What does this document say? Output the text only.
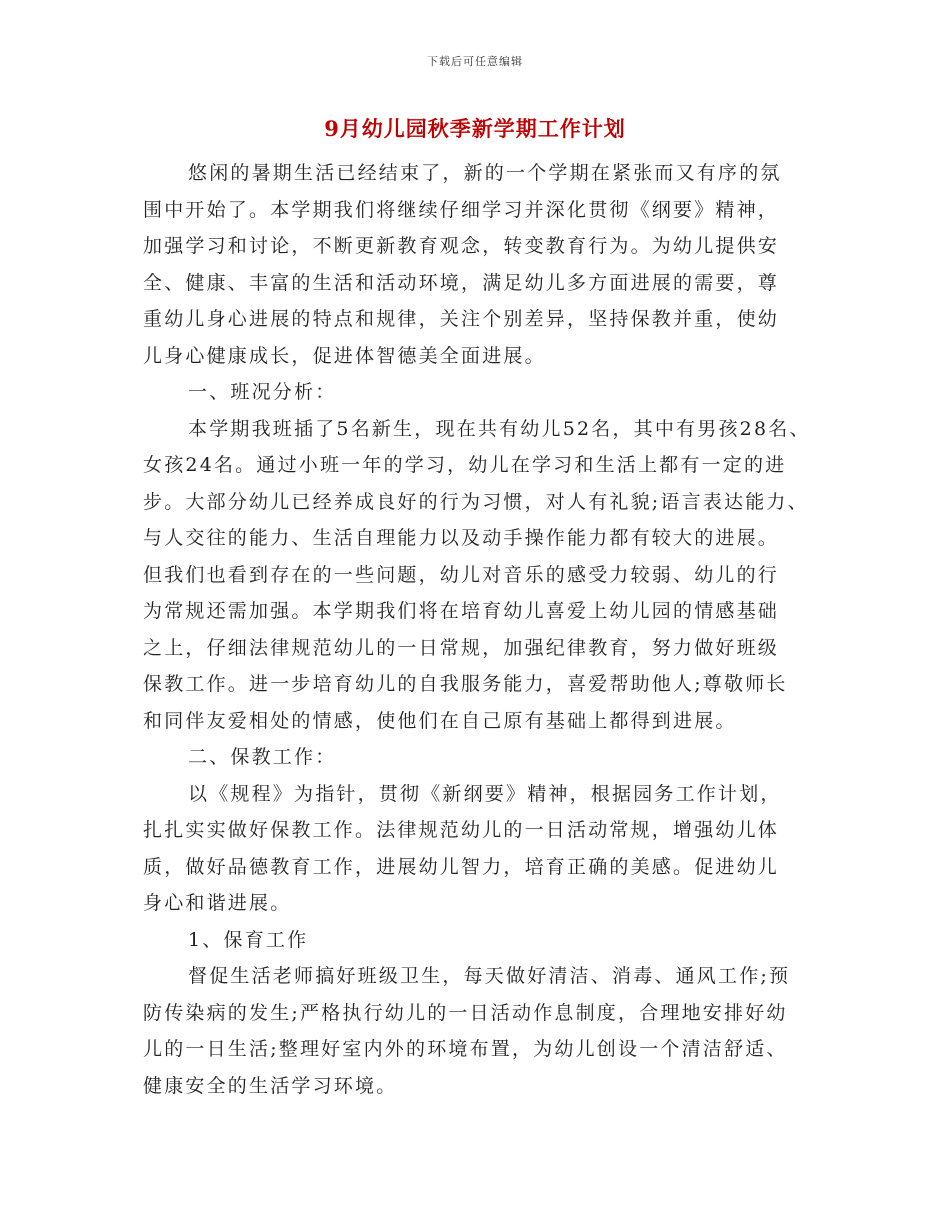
下载后可任意编辑
9月幼儿园秋季新学期工作计划
悠闲的暑期生活已经结束了，新的一个学期在紧张而又有序的氛
围中开始了。本学期我们将继续仔细学习并深化贯彻《纲要》精神，
加强学习和讨论，不断更新教育观念，转变教育行为。为幼儿提供安
全、健康、丰富的生活和活动环境，满足幼儿多方面进展的需要，尊
重幼儿身心进展的特点和规律，关注个别差异，坚持保教并重，使幼
儿身心健康成长，促进体智德美全面进展。
一、班况分析：
本学期我班插了5名新生，现在共有幼儿52名，其中有男孩28名、
女孩24名。通过小班一年的学习，幼儿在学习和生活上都有一定的进
步。大部分幼儿已经养成良好的行为习惯，对人有礼貌;语言表达能力、
与人交往的能力、生活自理能力以及动手操作能力都有较大的进展。
但我们也看到存在的一些问题，幼儿对音乐的感受力较弱、幼儿的行
为常规还需加强。本学期我们将在培育幼儿喜爱上幼儿园的情感基础
之上，仔细法律规范幼儿的一日常规，加强纪律教育，努力做好班级
保教工作。进一步培育幼儿的自我服务能力，喜爱帮助他人;尊敬师长
和同伴友爱相处的情感，使他们在自己原有基础上都得到进展。
二、保教工作：
以《规程》为指针，贯彻《新纲要》精神，根据园务工作计划，
扎扎实实做好保教工作。法律规范幼儿的一日活动常规，增强幼儿体
质，做好品德教育工作，进展幼儿智力，培育正确的美感。促进幼儿
身心和谐进展。
1、保育工作
督促生活老师搞好班级卫生，每天做好清洁、消毒、通风工作;预
防传染病的发生;严格执行幼儿的一日活动作息制度，合理地安排好幼
儿的一日生活;整理好室内外的环境布置，为幼儿创设一个清洁舒适、
健康安全的生活学习环境。
